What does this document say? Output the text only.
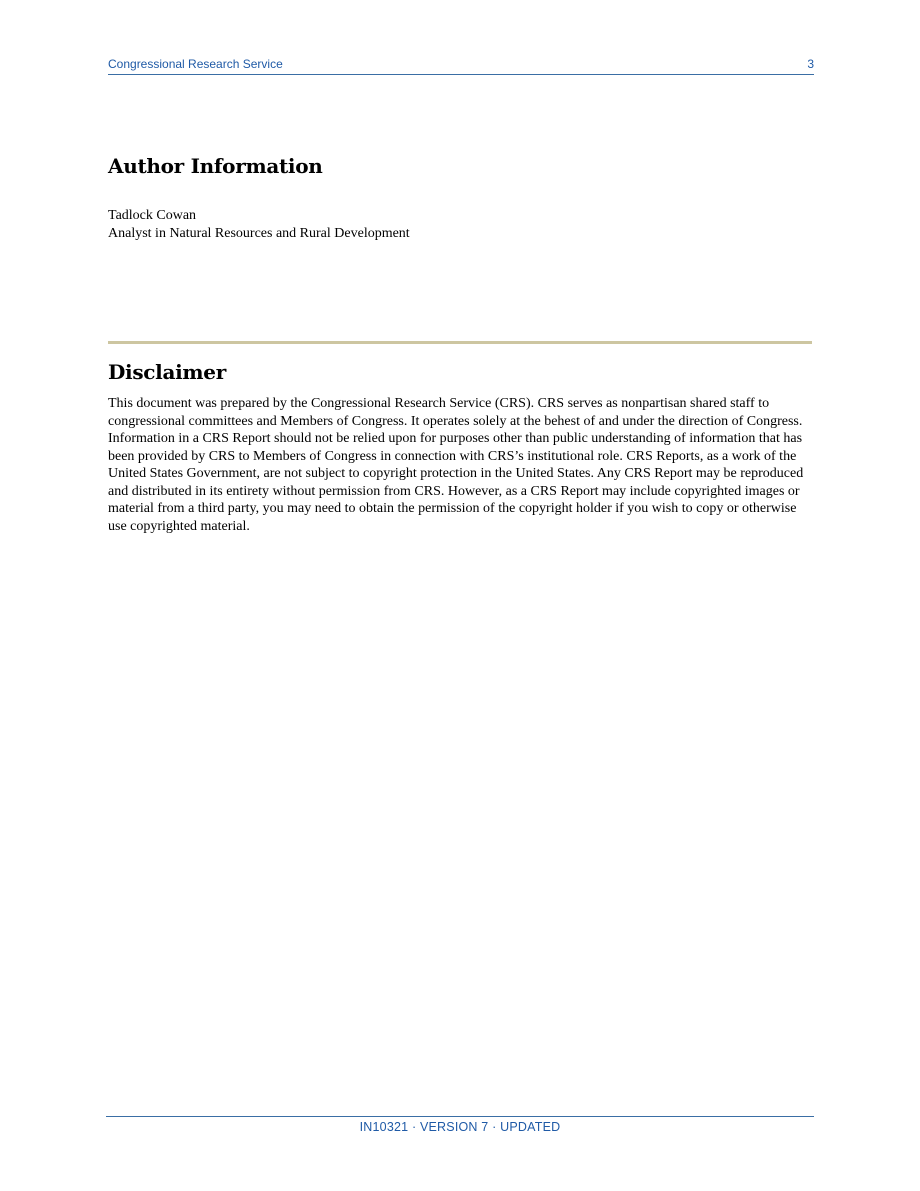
Congressional Research Service	3
Author Information
Tadlock Cowan
Analyst in Natural Resources and Rural Development
Disclaimer

This document was prepared by the Congressional Research Service (CRS). CRS serves as nonpartisan shared staff to congressional committees and Members of Congress. It operates solely at the behest of and under the direction of Congress. Information in a CRS Report should not be relied upon for purposes other than public understanding of information that has been provided by CRS to Members of Congress in connection with CRS’s institutional role. CRS Reports, as a work of the United States Government, are not subject to copyright protection in the United States. Any CRS Report may be reproduced and distributed in its entirety without permission from CRS. However, as a CRS Report may include copyrighted images or material from a third party, you may need to obtain the permission of the copyright holder if you wish to copy or otherwise use copyrighted material.

IN10321 · VERSION 7 · UPDATED
